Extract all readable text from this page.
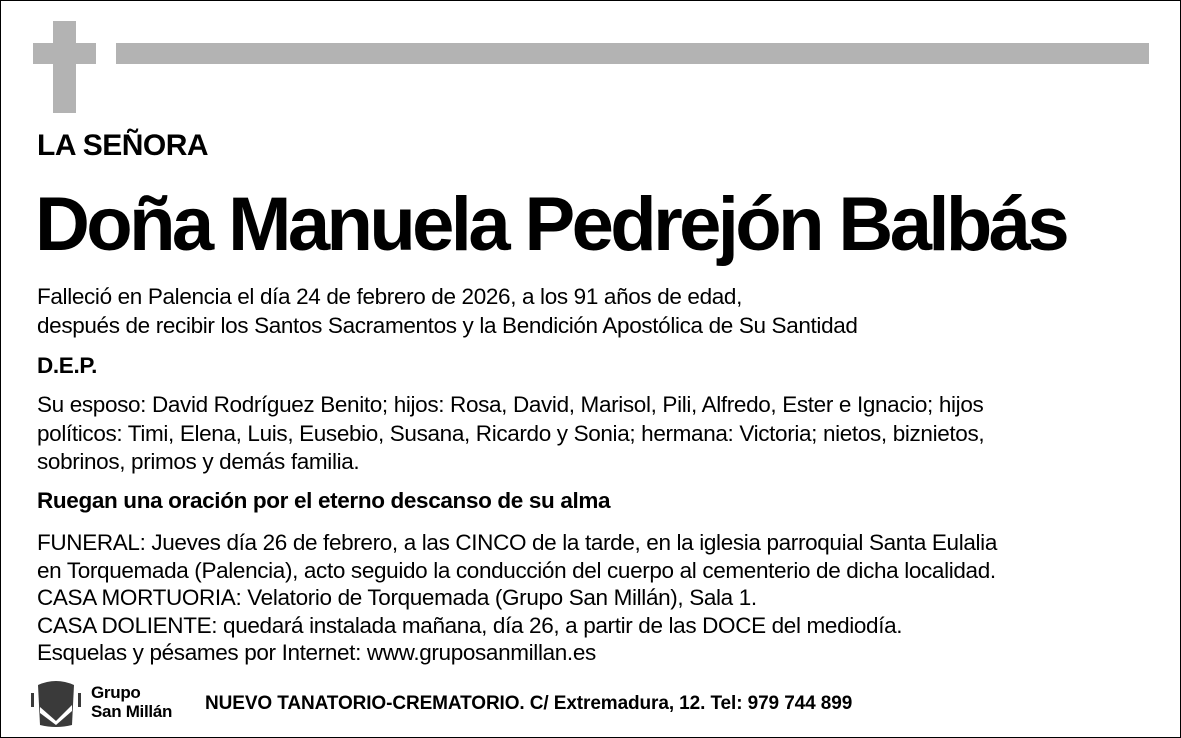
LA SEÑORA
Doña Manuela Pedrejón Balbás
Falleció en Palencia el día 24 de febrero de 2026, a los 91 años de edad,
después de recibir los Santos Sacramentos y la Bendición Apostólica de Su Santidad
D.E.P.
Su esposo: David Rodríguez Benito; hijos: Rosa, David, Marisol, Pili, Alfredo, Ester e Ignacio; hijos
políticos: Timi, Elena, Luis, Eusebio, Susana, Ricardo y Sonia; hermana: Victoria; nietos, biznietos,
sobrinos, primos y demás familia.
Ruegan una oración por el eterno descanso de su alma
FUNERAL: Jueves día 26 de febrero, a las CINCO de la tarde, en la iglesia parroquial Santa Eulalia
en Torquemada (Palencia), acto seguido la conducción del cuerpo al cementerio de dicha localidad.
CASA MORTUORIA: Velatorio de Torquemada (Grupo San Millán), Sala 1.
CASA DOLIENTE: quedará instalada mañana, día 26, a partir de las DOCE del mediodía.
Esquelas y pésames por Internet: www.gruposanmillan.es
Grupo
San Millán NUEVO TANATORIO-CREMATORIO. C/ Extremadura, 12. Tel: 979 744 899
